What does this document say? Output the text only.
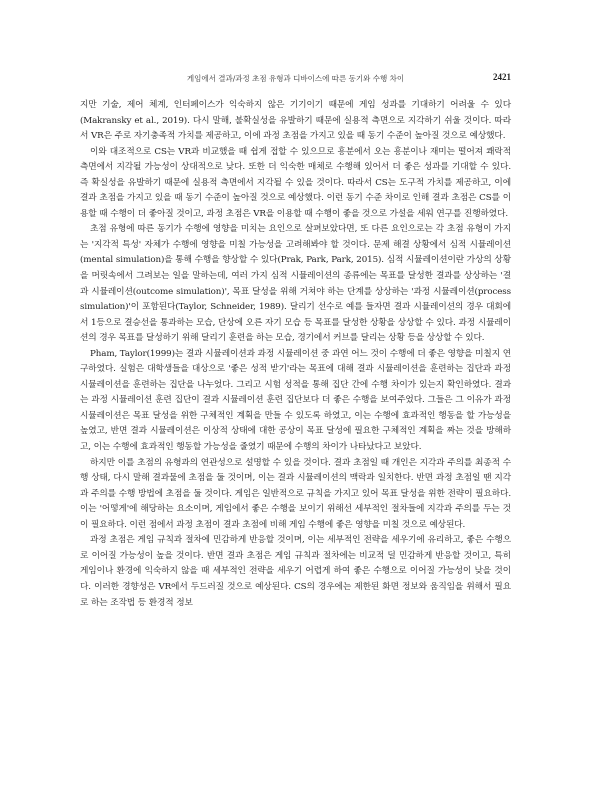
게임에서 결과/과정 초점 유형과 디바이스에 따른 동기와 수행 차이	2421

지만 기술, 제어 체계, 인터페이스가 익숙하지 않은 기기이기 때문에 게임 성과를 기대하기 어려울 수 있다(Makransky et al., 2019). 다시 말해, 불확실성을 유발하기 때문에 실용적 측면으로 지각하기 쉬울 것이다. 따라서 VR은 주로 자기충족적 가치를 제공하고, 이에 과정 초점을 가지고 있을 때 동기 수준이 높아질 것으로 예상했다.

이와 대조적으로 CS는 VR과 비교했을 때 쉽게 접할 수 있으므로 흥분에서 오는 흥분이나 재미는 떨어져 쾌락적 측면에서 지각될 가능성이 상대적으로 낮다. 또한 더 익숙한 매체로 수행해 있어서 더 좋은 성과를 기대할 수 있다. 즉 확실성을 유발하기 때문에 실용적 측면에서 지각될 수 있을 것이다. 따라서 CS는 도구적 가치를 제공하고, 이에 결과 초점을 가지고 있을 때 동기 수준이 높아질 것으로 예상했다. 이런 동기 수준 차이로 인해 결과 초점은 CS를 이용할 때 수행이 더 좋아질 것이고, 과정 초점은 VR을 이용할 때 수행이 좋을 것으로 가설을 세워 연구를 진행하였다.

초점 유형에 따른 동기가 수행에 영향을 미치는 요인으로 살펴보았다면, 또 다른 요인으로는 각 초점 유형이 가지는 '지각적 특성' 자체가 수행에 영향을 미칠 가능성을 고려해봐야 할 것이다. 문제 해결 상황에서 심적 시뮬레이션(mental simulation)을 통해 수행을 향상할 수 있다(Prak, Park, Park, 2015). 심적 시뮬레이션이란 가상의 상황을 머릿속에서 그려보는 일을 말하는데, 여러 가지 심적 시뮬레이션의 종류에는 목표를 달성한 결과를 상상하는 '결과 시뮬레이션(outcome simulation)', 목표 달성을 위해 거쳐야 하는 단계를 상상하는 '과정 시뮬레이션(process simulation)'이 포함된다(Taylor, Schneider, 1989). 달리기 선수로 예를 들자면 결과 시뮬레이션의 경우 대회에서 1등으로 결승선을 통과하는 모습, 단상에 오른 자기 모습 등 목표를 달성한 상황을 상상할 수 있다. 과정 시뮬레이션의 경우 목표를 달성하기 위해 달리기 훈련을 하는 모습, 경기에서 커브를 달리는 상황 등을 상상할 수 있다.

Pham, Taylor(1999)는 결과 시뮬레이션과 과정 시뮬레이션 중 과연 어느 것이 수행에 더 좋은 영향을 미칠지 연구하였다. 실험은 대학생들을 대상으로 '좋은 성적 받기'라는 목표에 대해 결과 시뮬레이션을 훈련하는 집단과 과정 시뮬레이션을 훈련하는 집단을 나누었다. 그리고 시험 성적을 통해 집단 간에 수행 차이가 있는지 확인하였다. 결과는 과정 시뮬레이션 훈련 집단이 결과 시뮬레이션 훈련 집단보다 더 좋은 수행을 보여주었다. 그들은 그 이유가 과정 시뮬레이션은 목표 달성을 위한 구체적인 계획을 만들 수 있도록 하였고, 이는 수행에 효과적인 행동을 할 가능성을 높였고, 반면 결과 시뮬레이션은 이상적 상태에 대한 공상이 목표 달성에 필요한 구체적인 계획을 짜는 것을 방해하고, 이는 수행에 효과적인 행동할 가능성을 줄였기 때문에 수행의 차이가 나타났다고 보았다.

하지만 이를 초점의 유형과의 연관성으로 설명할 수 있을 것이다. 결과 초점일 때 개인은 지각과 주의를 최종적 수행 상태, 다시 말해 결과물에 초점을 둘 것이며, 이는 결과 시뮬레이션의 맥락과 일치한다. 반면 과정 초점일 땐 지각과 주의를 수행 방법에 초점을 둘 것이다. 게임은 일반적으로 규칙을 가지고 있어 목표 달성을 위한 전략이 필요하다. 이는 '어떻게'에 해당하는 요소이며, 게임에서 좋은 수행을 보이기 위해선 세부적인 절차들에 지각과 주의를 두는 것이 필요하다. 이런 점에서 과정 초점이 결과 초점에 비해 게임 수행에 좋은 영향을 미칠 것으로 예상된다.

과정 초점은 게임 규칙과 절차에 민감하게 반응할 것이며, 이는 세부적인 전략을 세우기에 유리하고, 좋은 수행으로 이어질 가능성이 높을 것이다. 반면 결과 초점은 게임 규칙과 절차에는 비교적 덜 민감하게 반응할 것이고, 특히 게임이나 환경에 익숙하지 않을 때 세부적인 전략을 세우기 어렵게 하여 좋은 수행으로 이어질 가능성이 낮을 것이다. 이러한 경향성은 VR에서 두드러질 것으로 예상된다. CS의 경우에는 제한된 화면 정보와 움직임을 위해서 필요로 하는 조작법 등 환경적 정보
